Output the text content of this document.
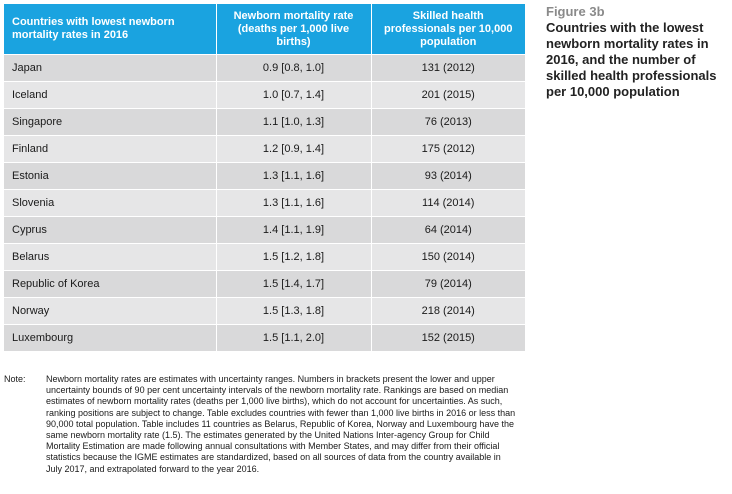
Countries with lowest newborn mortality rates in 2016	Newborn mortality rate (deaths per 1,000 live births)	Skilled health professionals per 10,000 population
Japan	0.9 [0.8, 1.0]	131 (2012)
Iceland	1.0 [0.7, 1.4]	201 (2015)
Singapore	1.1 [1.0, 1.3]	76 (2013)
Finland	1.2 [0.9, 1.4]	175 (2012)
Estonia	1.3 [1.1, 1.6]	93 (2014)
Slovenia	1.3 [1.1, 1.6]	114 (2014)
Cyprus	1.4 [1.1, 1.9]	64 (2014)
Belarus	1.5 [1.2, 1.8]	150 (2014)
Republic of Korea	1.5 [1.4, 1.7]	79 (2014)
Norway	1.5 [1.3, 1.8]	218 (2014)
Luxembourg	1.5 [1.1, 2.0]	152 (2015)
Figure 3b
Countries with the lowest newborn mortality rates in 2016, and the number of skilled health professionals per 10,000 population
Note:	Newborn mortality rates are estimates with uncertainty ranges. Numbers in brackets present the lower and upper uncertainty bounds of 90 per cent uncertainty intervals of the newborn mortality rate. Rankings are based on median estimates of newborn mortality rates (deaths per 1,000 live births), which do not account for uncertainties. As such, ranking positions are subject to change. Table excludes countries with fewer than 1,000 live births in 2016 or less than 90,000 total population. Table includes 11 countries as Belarus, Republic of Korea, Norway and Luxembourg have the same newborn mortality rate (1.5). The estimates generated by the United Nations Inter-agency Group for Child Mortality Estimation are made following annual consultations with Member States, and may differ from their official statistics because the IGME estimates are standardized, based on all sources of data from the country available in July 2017, and extrapolated forward to the year 2016.
